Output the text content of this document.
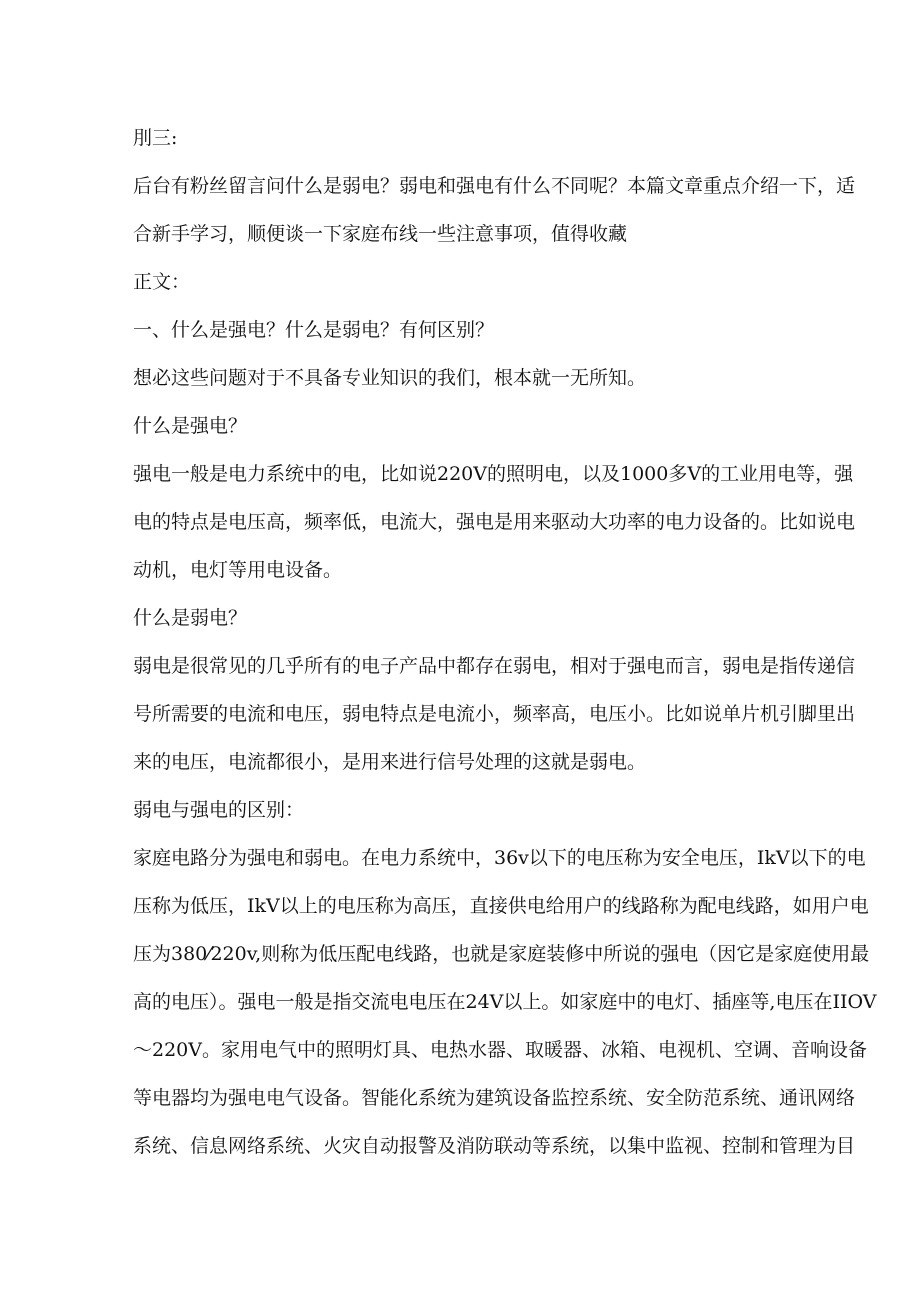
刖三:
后台有粉丝留言问什么是弱电？弱电和强电有什么不同呢？本篇文章重点介绍一下，适
合新手学习，顺便谈一下家庭布线一些注意事项，值得收藏
正文：
一、什么是强电？什么是弱电？有何区别？
想必这些问题对于不具备专业知识的我们，根本就一无所知。
什么是强电？
强电一般是电力系统中的电，比如说220V的照明电，以及1000多V的工业用电等，强
电的特点是电压高，频率低，电流大，强电是用来驱动大功率的电力设备的。比如说电
动机，电灯等用电设备。
什么是弱电？
弱电是很常见的几乎所有的电子产品中都存在弱电，相对于强电而言，弱电是指传递信
号所需要的电流和电压，弱电特点是电流小，频率高，电压小。比如说单片机引脚里出
来的电压，电流都很小，是用来进行信号处理的这就是弱电。
弱电与强电的区别：
家庭电路分为强电和弱电。在电力系统中，36v以下的电压称为安全电压，IkV以下的电
压称为低压，IkV以上的电压称为高压，直接供电给用户的线路称为配电线路，如用户电
压为380⁄220v,则称为低压配电线路，也就是家庭装修中所说的强电（因它是家庭使用最
高的电压）。强电一般是指交流电电压在24V以上。如家庭中的电灯、插座等,电压在IIOV
～220V。家用电气中的照明灯具、电热水器、取暖器、冰箱、电视机、空调、音响设备
等电器均为强电电气设备。智能化系统为建筑设备监控系统、安全防范系统、通讯网络
系统、信息网络系统、火灾自动报警及消防联动等系统，以集中监视、控制和管理为目
